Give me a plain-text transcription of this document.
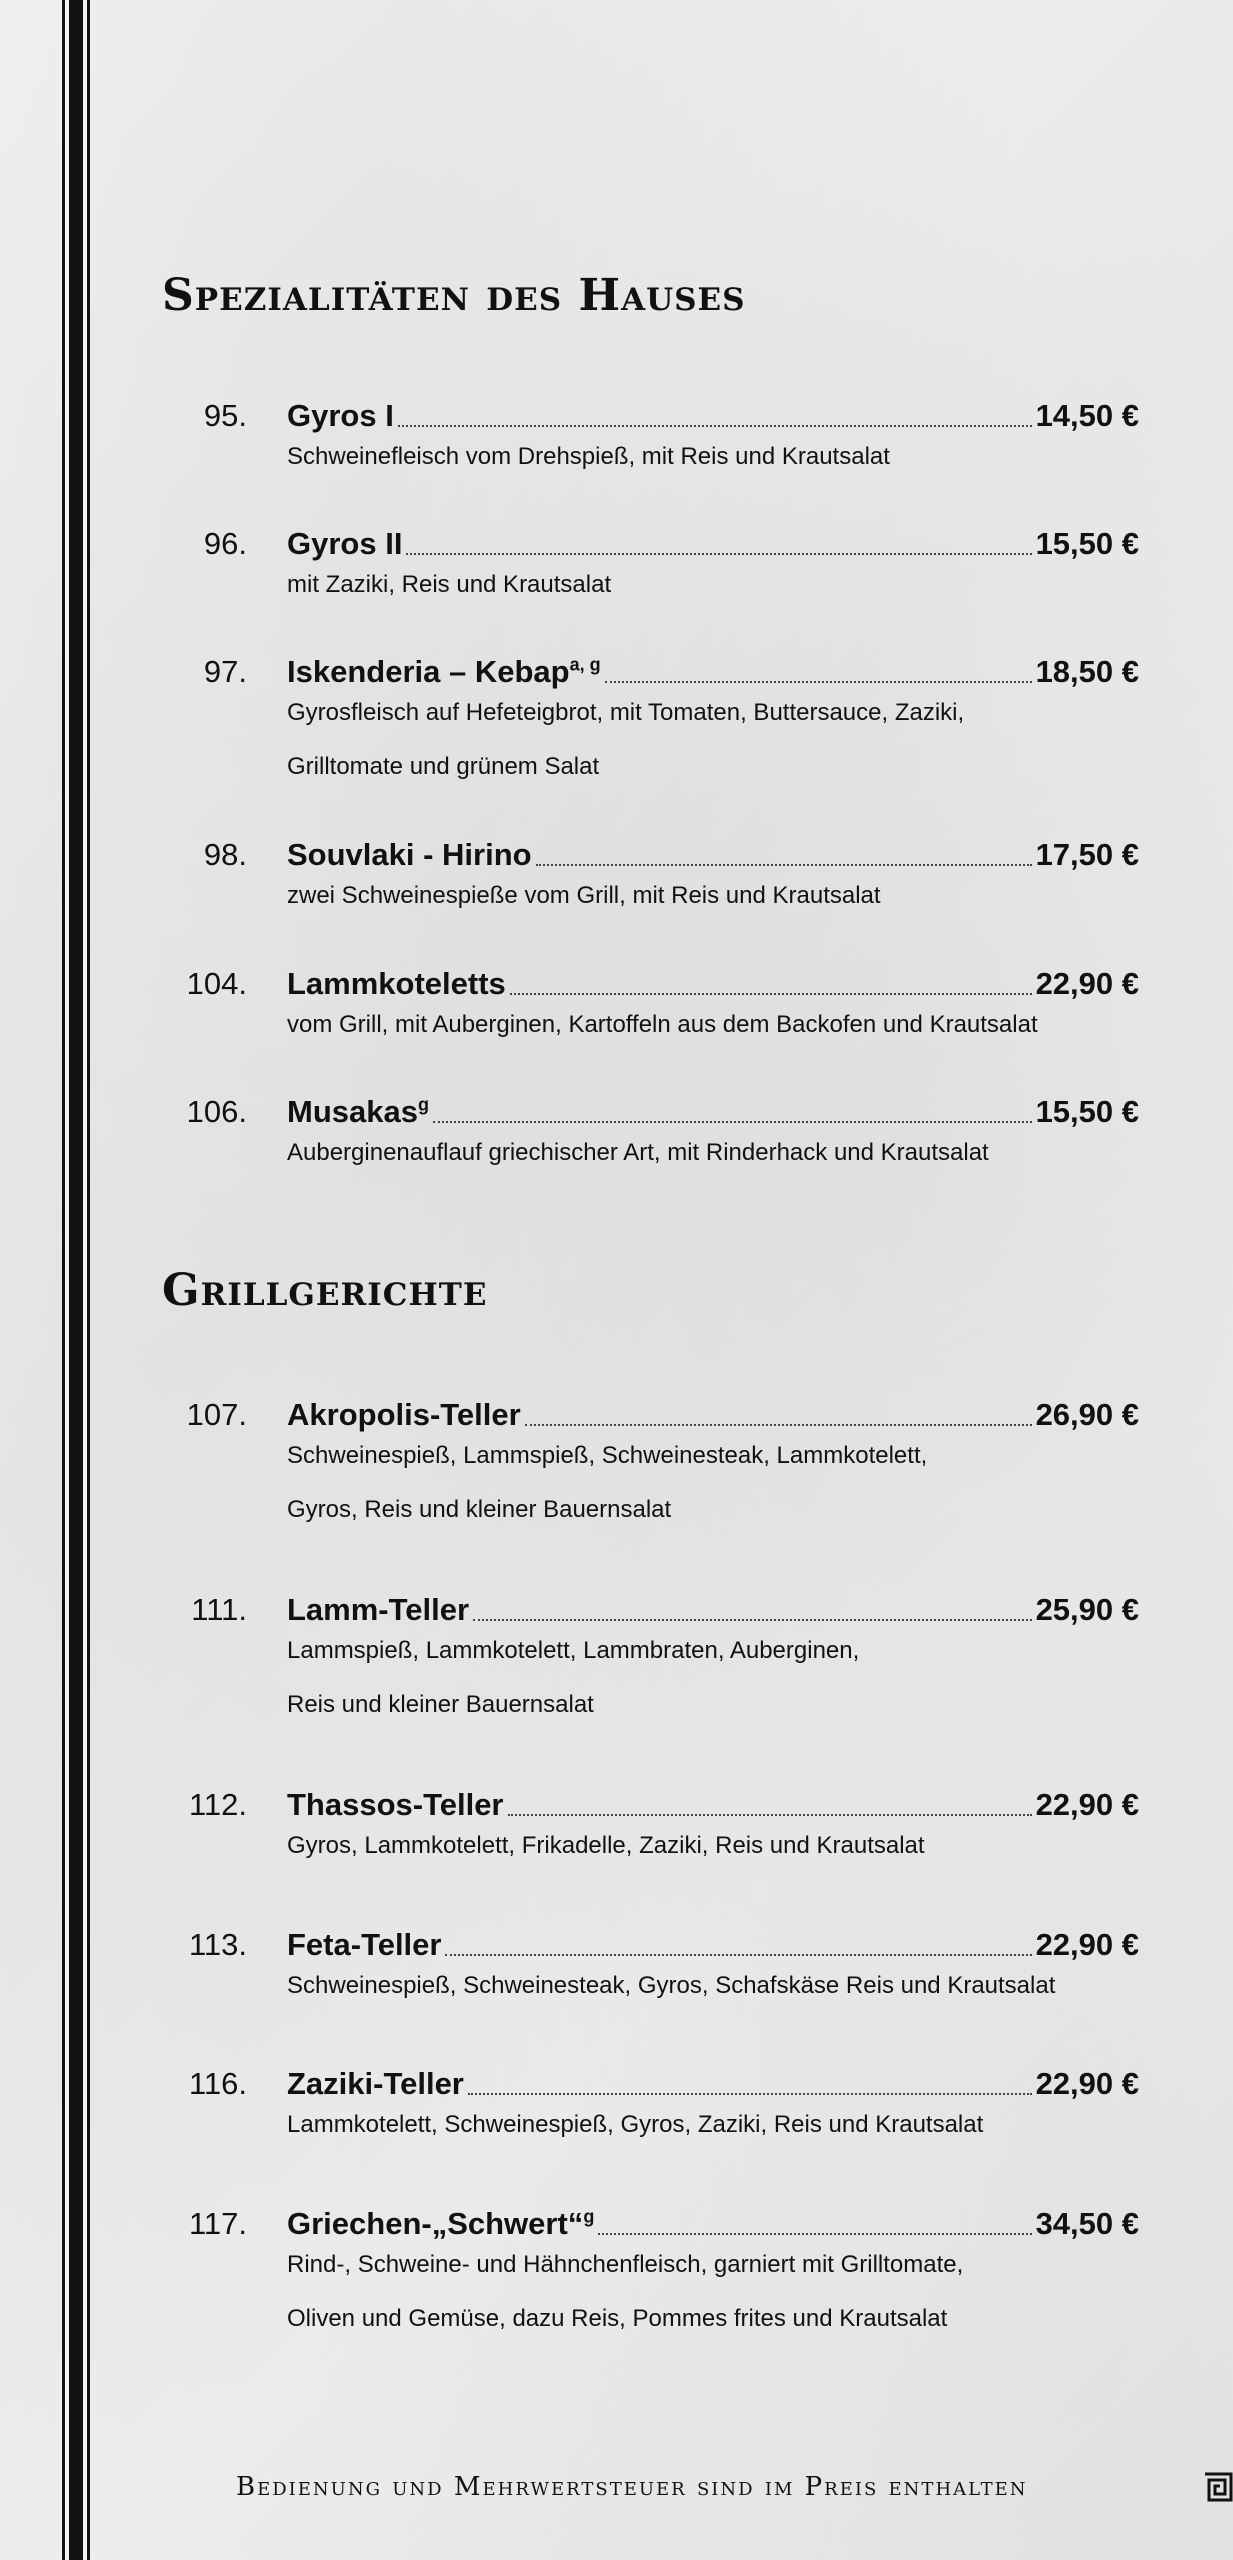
Spezialitäten des Hauses
95. Gyros I	14,50 €
Schweinefleisch vom Drehspieß, mit Reis und Krautsalat
96. Gyros II	15,50 €
mit Zaziki, Reis und Krautsalat
97. Iskenderia – Kebap$^{a, g}$	18,50 €
Gyrosfleisch auf Hefeteigbrot, mit Tomaten, Buttersauce, Zaziki,
Grilltomate und grünem Salat
98. Souvlaki - Hirino	17,50 €
zwei Schweinespieße vom Grill, mit Reis und Krautsalat
104. Lammkoteletts	22,90 €
vom Grill, mit Auberginen, Kartoffeln aus dem Backofen und Krautsalat
106. Musakas$^g$	15,50 €
Auberginenauflauf griechischer Art, mit Rinderhack und Krautsalat
Grillgerichte
107. Akropolis-Teller	26,90 €
Schweinespieß, Lammspieß, Schweinesteak, Lammkotelett,
Gyros, Reis und kleiner Bauernsalat
111. Lamm-Teller	25,90 €
Lammspieß, Lammkotelett, Lammbraten, Auberginen,
Reis und kleiner Bauernsalat
112. Thassos-Teller	22,90 €
Gyros, Lammkotelett, Frikadelle, Zaziki, Reis und Krautsalat
113. Feta-Teller	22,90 €
Schweinespieß, Schweinesteak, Gyros, Schafskäse Reis und Krautsalat
116. Zaziki-Teller	22,90 €
Lammkotelett, Schweinespieß, Gyros, Zaziki, Reis und Krautsalat
117. Griechen-„Schwert“$^g$	34,50 €
Rind-, Schweine- und Hähnchenfleisch, garniert mit Grilltomate,
Oliven und Gemüse, dazu Reis, Pommes frites und Krautsalat
Bedienung und Mehrwertsteuer sind im Preis enthalten
